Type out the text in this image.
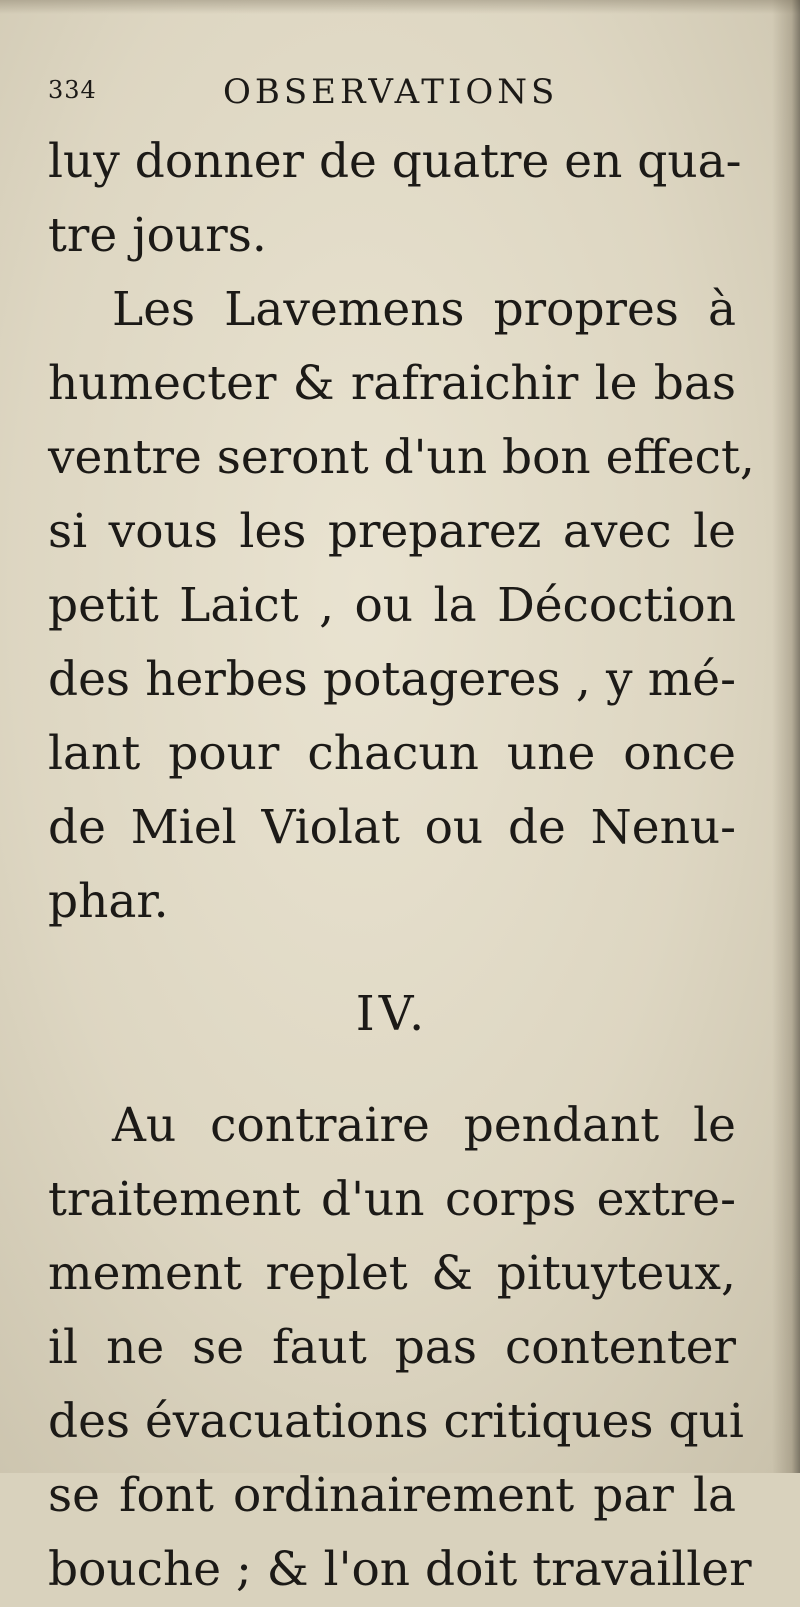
334	OBSERVATIONS
luy donner de quatre en qua-
tre jours.
Les Lavemens propres à
humecter & rafraichir le bas
ventre seront d'un bon effect,
si vous les preparez avec le
petit Laict , ou la Décoction
des herbes potageres , y mé-
lant pour chacun une once
de Miel Violat ou de Nenu-
phar.
IV.
Au contraire pendant le
traitement d'un corps extre-
mement replet & pituyteux,
il ne se faut pas contenter
des évacuations critiques qui
se font ordinairement par la
bouche ; & l'on doit travailler
